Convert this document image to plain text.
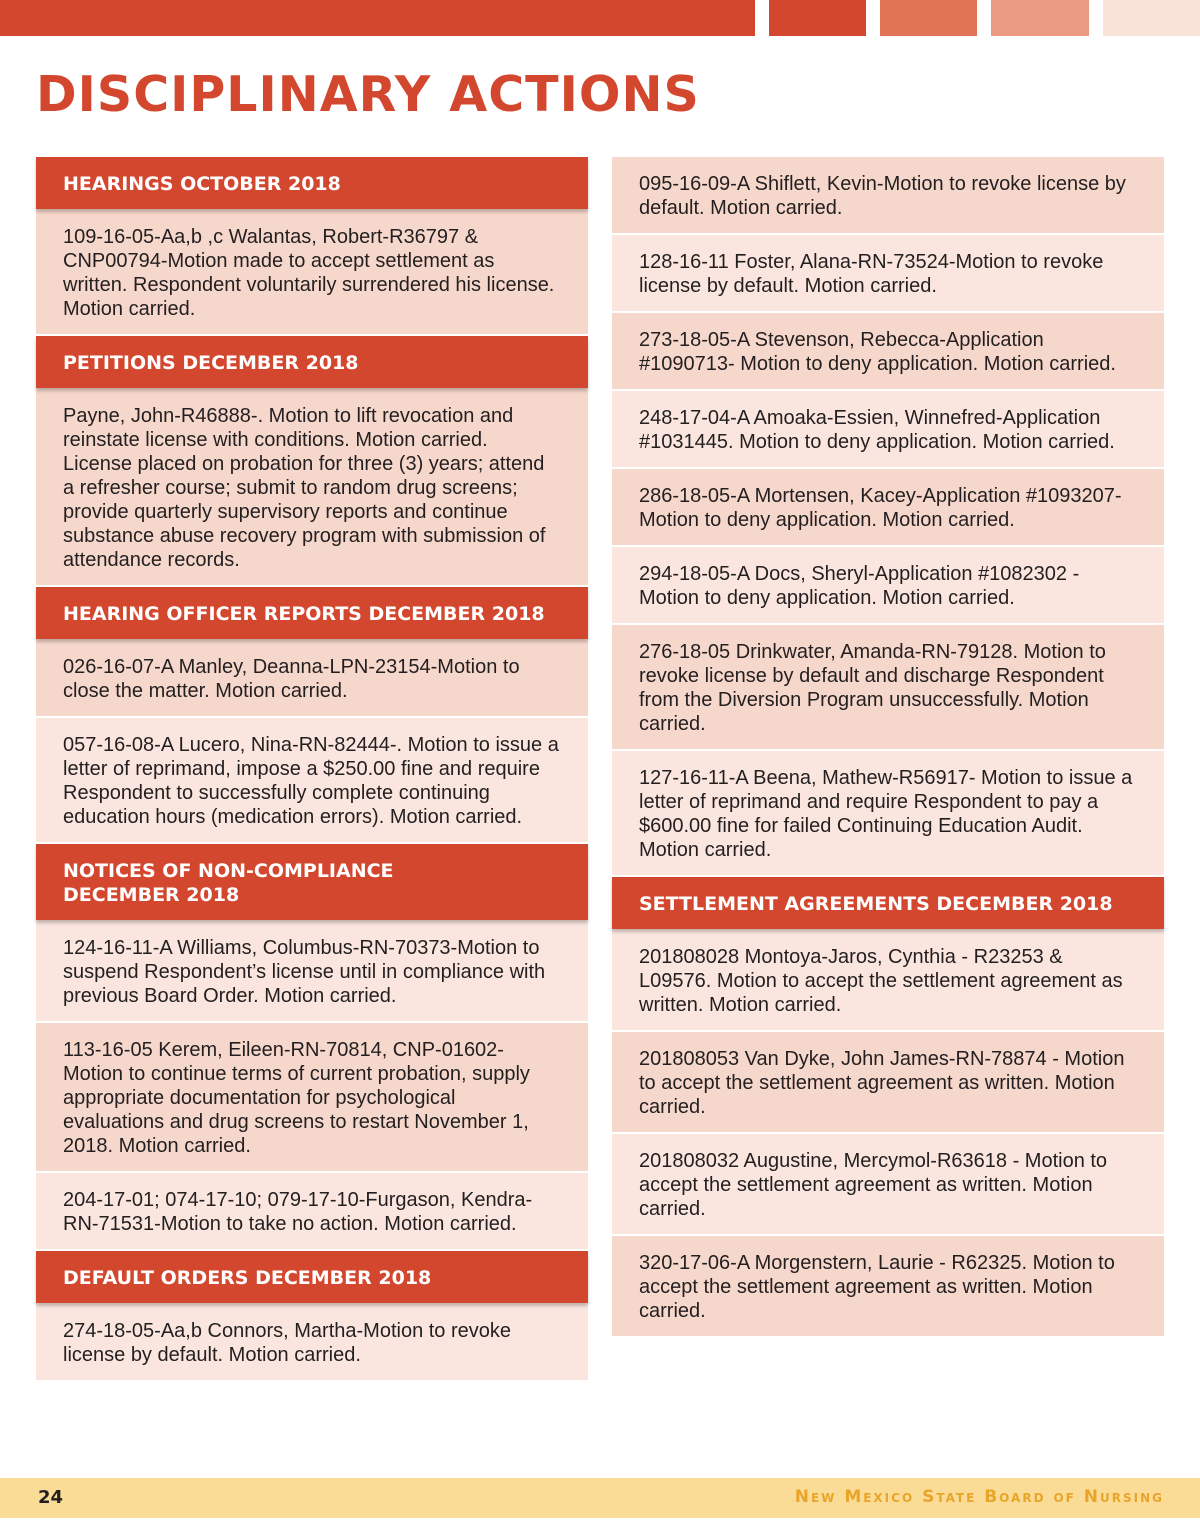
DISCIPLINARY ACTIONS
HEARINGS OCTOBER 2018
109-16-05-Aa,b ,c Walantas, Robert-R36797 & CNP00794-Motion made to accept settlement as written. Respondent voluntarily surrendered his license. Motion carried.
PETITIONS DECEMBER 2018
Payne, John-R46888-. Motion to lift revocation and reinstate license with conditions. Motion carried. License placed on probation for three (3) years; attend a refresher course; submit to random drug screens; provide quarterly supervisory reports and continue substance abuse recovery program with submission of attendance records.
HEARING OFFICER REPORTS DECEMBER 2018
026-16-07-A Manley, Deanna-LPN-23154-Motion to close the matter. Motion carried.
057-16-08-A Lucero, Nina-RN-82444-. Motion to issue a letter of reprimand, impose a $250.00 fine and require Respondent to successfully complete continuing education hours (medication errors). Motion carried.
NOTICES OF NON-COMPLIANCE
DECEMBER 2018
124-16-11-A Williams, Columbus-RN-70373-Motion to suspend Respondent’s license until in compliance with previous Board Order. Motion carried.
113-16-05 Kerem, Eileen-RN-70814, CNP-01602-Motion to continue terms of current probation, supply appropriate documentation for psychological evaluations and drug screens to restart November 1, 2018. Motion carried.
204-17-01; 074-17-10; 079-17-10-Furgason, Kendra-RN-71531-Motion to take no action. Motion carried.
DEFAULT ORDERS DECEMBER 2018
274-18-05-Aa,b Connors, Martha-Motion to revoke license by default. Motion carried.
095-16-09-A Shiflett, Kevin-Motion to revoke license by default. Motion carried.
128-16-11 Foster, Alana-RN-73524-Motion to revoke license by default. Motion carried.
273-18-05-A Stevenson, Rebecca-Application #1090713- Motion to deny application. Motion carried.
248-17-04-A Amoaka-Essien, Winnefred-Application #1031445. Motion to deny application. Motion carried.
286-18-05-A Mortensen, Kacey-Application #1093207-Motion to deny application. Motion carried.
294-18-05-A Docs, Sheryl-Application #1082302 -Motion to deny application. Motion carried.
276-18-05 Drinkwater, Amanda-RN-79128. Motion to revoke license by default and discharge Respondent from the Diversion Program unsuccessfully. Motion carried.
127-16-11-A Beena, Mathew-R56917- Motion to issue a letter of reprimand and require Respondent to pay a $600.00 fine for failed Continuing Education Audit. Motion carried.
SETTLEMENT AGREEMENTS DECEMBER 2018
201808028 Montoya-Jaros, Cynthia - R23253 & L09576. Motion to accept the settlement agreement as written. Motion carried.
201808053 Van Dyke, John James-RN-78874 - Motion to accept the settlement agreement as written. Motion carried.
201808032 Augustine, Mercymol-R63618 - Motion to accept the settlement agreement as written. Motion carried.
320-17-06-A Morgenstern, Laurie - R62325. Motion to accept the settlement agreement as written. Motion carried.
24	New Mexico State Board of Nursing
